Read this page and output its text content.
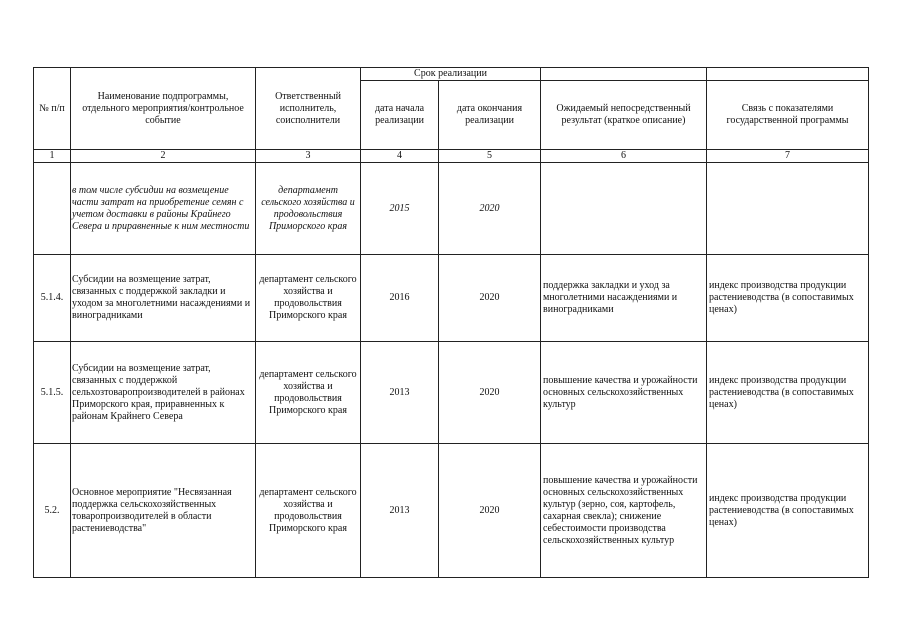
№ п/п	Наименование подпрограммы, отдельного мероприятия/контрольное событие	Ответственный исполнитель, соисполнители	Срок реализации			
			дата начала реализации	дата окончания реализации	Ожидаемый непосредственный результат (краткое описание)	Связь с показателями государственной программы
1	2	3	4	5	6	7
	в том числе субсидии на возмещение части затрат на приобретение семян с учетом доставки в районы Крайнего Севера и приравненные к ним местности	департамент сельского хозяйства и продовольствия Приморского края	2015	2020		
5.1.4.	Субсидии на возмещение затрат, связанных с поддержкой закладки и уходом за многолетними насаждениями и виноградниками	департамент сельского хозяйства и продовольствия Приморского края	2016	2020	поддержка закладки и уход за многолетними насаждениями и виноградниками	индекс производства продукции растениеводства (в сопоставимых ценах)
5.1.5.	Субсидии на возмещение затрат, связанных с поддержкой сельхозтоваропроизводителей в районах Приморского края, приравненных к районам Крайнего Севера	департамент сельского хозяйства и продовольствия Приморского края	2013	2020	повышение качества и урожайности основных сельскохозяйственных культур	индекс производства продукции растениеводства (в сопоставимых ценах)
5.2.	Основное мероприятие "Несвязанная поддержка сельскохозяйственных товаропроизводителей в области растениеводства"	департамент сельского хозяйства и продовольствия Приморского края	2013	2020	повышение качества и урожайности основных сельскохозяйственных культур (зерно, соя, картофель, сахарная свекла); снижение себестоимости производства сельскохозяйственных культур	индекс производства продукции растениеводства (в сопоставимых ценах)
